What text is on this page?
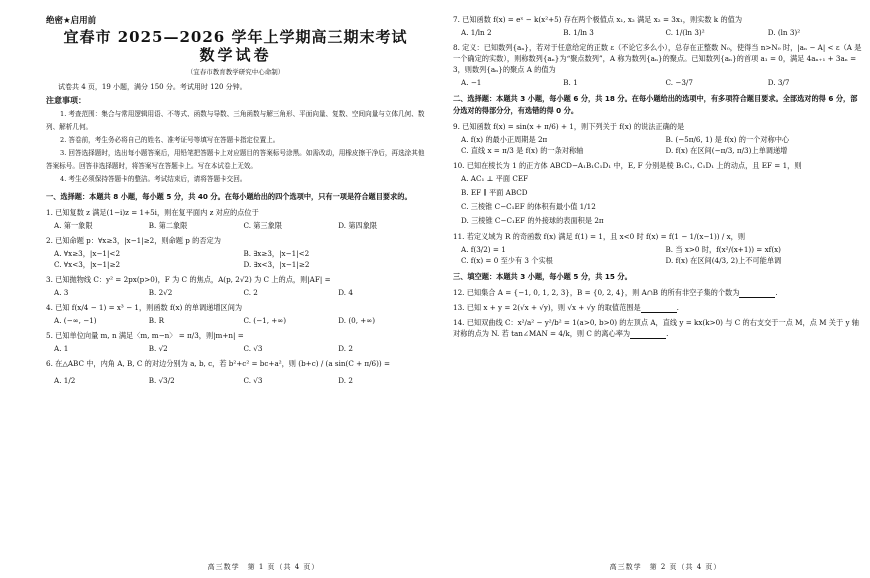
绝密★启用前
宜春市 2025—2026 学年上学期高三期末考试
数学试卷
（宜春市教育教学研究中心命制）
试卷共 4 页，19 小题，满分 150 分。考试用时 120 分钟。
注意事项：
1. 考查范围：集合与常用逻辑用语、不等式、函数与导数、三角函数与解三角形、平面向量、复数、空间向量与立体几何、数列、解析几何。
2. 答卷前，考生务必将自己的姓名、准考证号等填写在答题卡指定位置上。
3. 回答选择题时，选出每小题答案后，用铅笔把答题卡上对应题目的答案标号涂黑。如需改动，用橡皮擦干净后，再选涂其他答案标号。回答非选择题时，将答案写在答题卡上。写在本试卷上无效。
4. 考生必须保持答题卡的整洁。考试结束后，请将答题卡交回。
一、选择题：本题共 8 小题，每小题 5 分，共 40 分。在每小题给出的四个选项中，只有一项是符合题目要求的。
1. 已知复数 z 满足(1−i)z = 1+5i，则在复平面内 z 对应的点位于
A. 第一象限	B. 第二象限	C. 第三象限	D. 第四象限
2. 已知命题 p：∀x≥3，|x−1|≥2，则命题 p 的否定为
A. ∀x≥3，|x−1|<2	B. ∃x≥3，|x−1|<2
C. ∀x<3，|x−1|≥2	D. ∃x<3，|x−1|≥2
3. 已知抛物线 C：y² = 2px(p>0)，F 为 C 的焦点，A(p, 2√2) 为 C 上的点，则|AF| =
A. 3	B. 2√2	C. 2	D. 4
4. 已知 f(x/4 − 1) = x³ − 1，则函数 f(x) 的单调递增区间为
A. (−∞, −1)	B. R	C. (−1, +∞)	D. (0, +∞)
5. 已知单位向量 m, n 满足〈m, m−n〉 = π/3，则|m+n| =
A. 1	B. √2	C. √3	D. 2
6. 在△ABC 中，内角 A, B, C 的对边分别为 a, b, c，若 b²+c² = bc+a²，则 (b+c) / (a sin(C + π/6)) =
A. 1/2	B. √3/2	C. √3	D. 2
高三数学　第 1 页（共 4 页）
7. 已知函数 f(x) = eˣ − k(x²+5) 存在两个极值点 x₁, x₂ 满足 x₂ = 3x₁，则实数 k 的值为
A. 1/ln 2	B. 1/ln 3	C. 1/(ln 3)²	D. (ln 3)²
8. 定义：已知数列{aₙ}，若对于任意给定的正数 ε（不论它多么小），总存在正整数 N₀，使得当 n>N₀ 时，|aₙ − A| < ε（A 是一个确定的实数），则称数列{aₙ}为“聚点数列”，A 称为数列{aₙ}的聚点。已知数列{aₙ}的首项 a₁ = 0，满足 4aₙ₊₁ + 3aₙ = 3，则数列{aₙ}的聚点 A 的值为
A. −1	B. 1	C. −3/7	D. 3/7
二、选择题：本题共 3 小题，每小题 6 分，共 18 分。在每小题给出的选项中，有多项符合题目要求。全部选对的得 6 分，部分选对的得部分分，有选错的得 0 分。
9. 已知函数 f(x) = sin(x + π/6) + 1，则下列关于 f(x) 的说法正确的是
A. f(x) 的最小正周期是 2π	B. (−5π/6, 1) 是 f(x) 的一个对称中心
C. 直线 x = π/3 是 f(x) 的一条对称轴	D. f(x) 在区间(−π/3, π/3)上单调递增
10. 已知在棱长为 1 的正方体 ABCD−A₁B₁C₁D₁ 中，E, F 分别是棱 B₁C₁, C₁D₁ 上的动点，且 EF = 1，则
A. AC₁ ⊥ 平面 CEF
B. EF ∥ 平面 ABCD
C. 三棱锥 C−C₁EF 的体积有最小值 1/12
D. 三棱锥 C−C₁EF 的外接球的表面积是 2π
11. 若定义域为 R 的奇函数 f(x) 满足 f(1) = 1，且 x<0 时 f(x) = f(1 − 1/(x−1)) / x，则
A. f(3/2) = 1	B. 当 x>0 时，f(x²/(x+1)) = xf(x)
C. f(x) = 0 至少有 3 个实根	D. f(x) 在区间(4/3, 2)上不可能单调
三、填空题：本题共 3 小题，每小题 5 分，共 15 分。
12. 已知集合 A = {−1, 0, 1, 2, 3}，B = {0, 2, 4}，则 A∩B 的所有非空子集的个数为	.
13. 已知 x + y = 2(√x + √y)，则 √x + √y 的取值范围是	.
14. 已知双曲线 C：x²/a² − y²/b² = 1(a>0, b>0) 的左顶点 A，直线 y = kx(k>0) 与 C 的右支交于一点 M，点 M 关于 y 轴对称的点为 N. 若 tan∠MAN = 4/k，则 C 的离心率为	.
高三数学　第 2 页（共 4 页）
